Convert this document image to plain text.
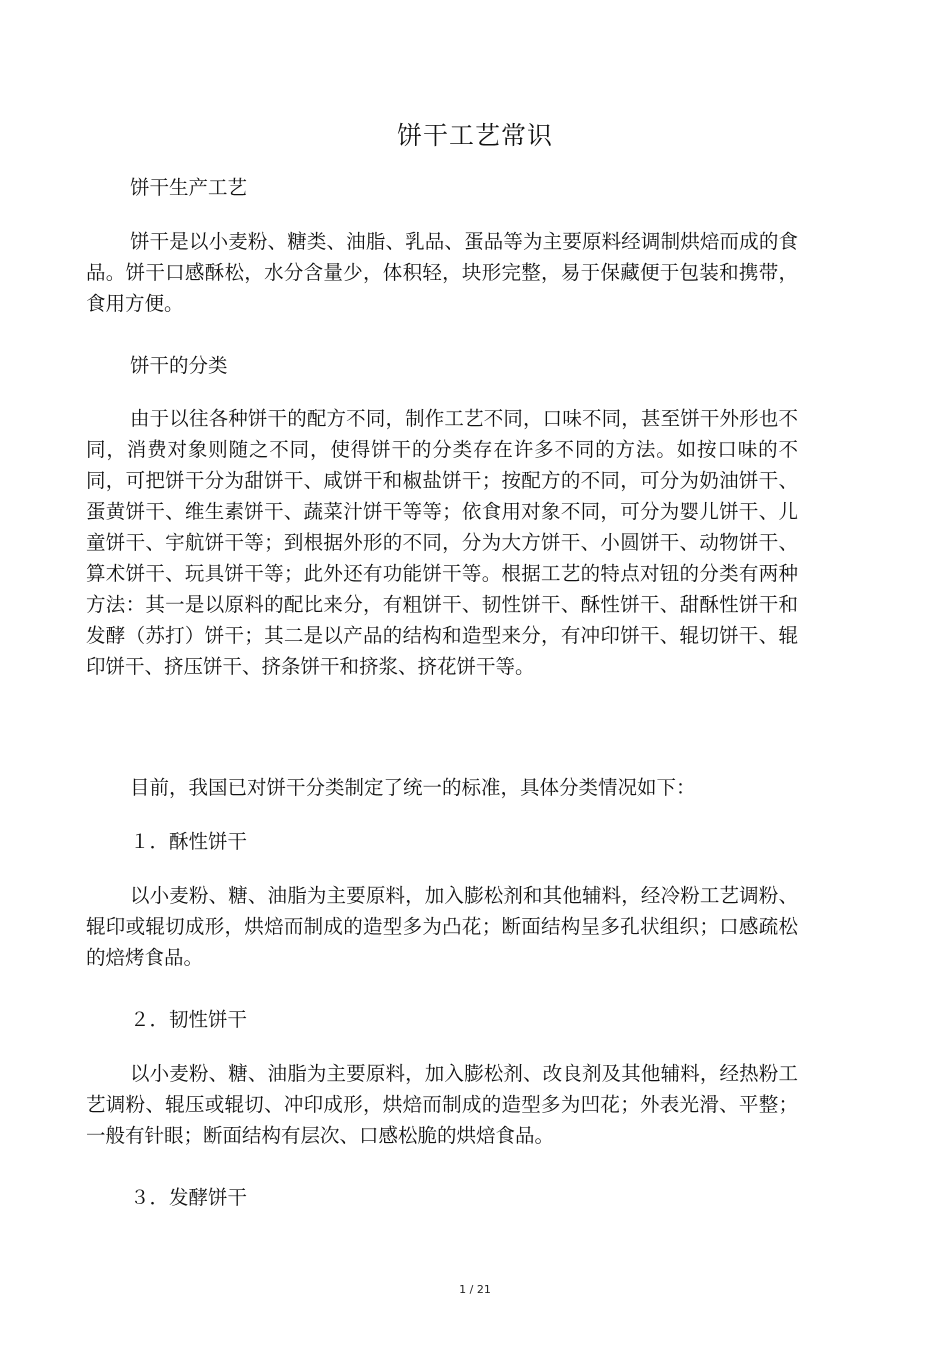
饼干工艺常识

饼干生产工艺

饼干是以小麦粉、糖类、油脂、乳品、蛋品等为主要原料经调制烘焙而成的食品。饼干口感酥松，水分含量少，体积轻，块形完整，易于保藏便于包装和携带，食用方便。

饼干的分类

由于以往各种饼干的配方不同，制作工艺不同，口味不同，甚至饼干外形也不同，消费对象则随之不同，使得饼干的分类存在许多不同的方法。如按口味的不同，可把饼干分为甜饼干、咸饼干和椒盐饼干；按配方的不同，可分为奶油饼干、蛋黄饼干、维生素饼干、蔬菜汁饼干等等；依食用对象不同，可分为婴儿饼干、儿童饼干、宇航饼干等；到根据外形的不同，分为大方饼干、小圆饼干、动物饼干、算术饼干、玩具饼干等；此外还有功能饼干等。根据工艺的特点对钮的分类有两种方法：其一是以原料的配比来分，有粗饼干、韧性饼干、酥性饼干、甜酥性饼干和发酵（苏打）饼干；其二是以产品的结构和造型来分，有冲印饼干、辊切饼干、辊印饼干、挤压饼干、挤条饼干和挤浆、挤花饼干等。

目前，我国已对饼干分类制定了统一的标准，具体分类情况如下：

１．酥性饼干

以小麦粉、糖、油脂为主要原料，加入膨松剂和其他辅料，经冷粉工艺调粉、辊印或辊切成形，烘焙而制成的造型多为凸花；断面结构呈多孔状组织；口感疏松的焙烤食品。

２．韧性饼干

以小麦粉、糖、油脂为主要原料，加入膨松剂、改良剂及其他辅料，经热粉工艺调粉、辊压或辊切、冲印成形，烘焙而制成的造型多为凹花；外表光滑、平整；一般有针眼；断面结构有层次、口感松脆的烘焙食品。

３．发酵饼干

1 / 21
